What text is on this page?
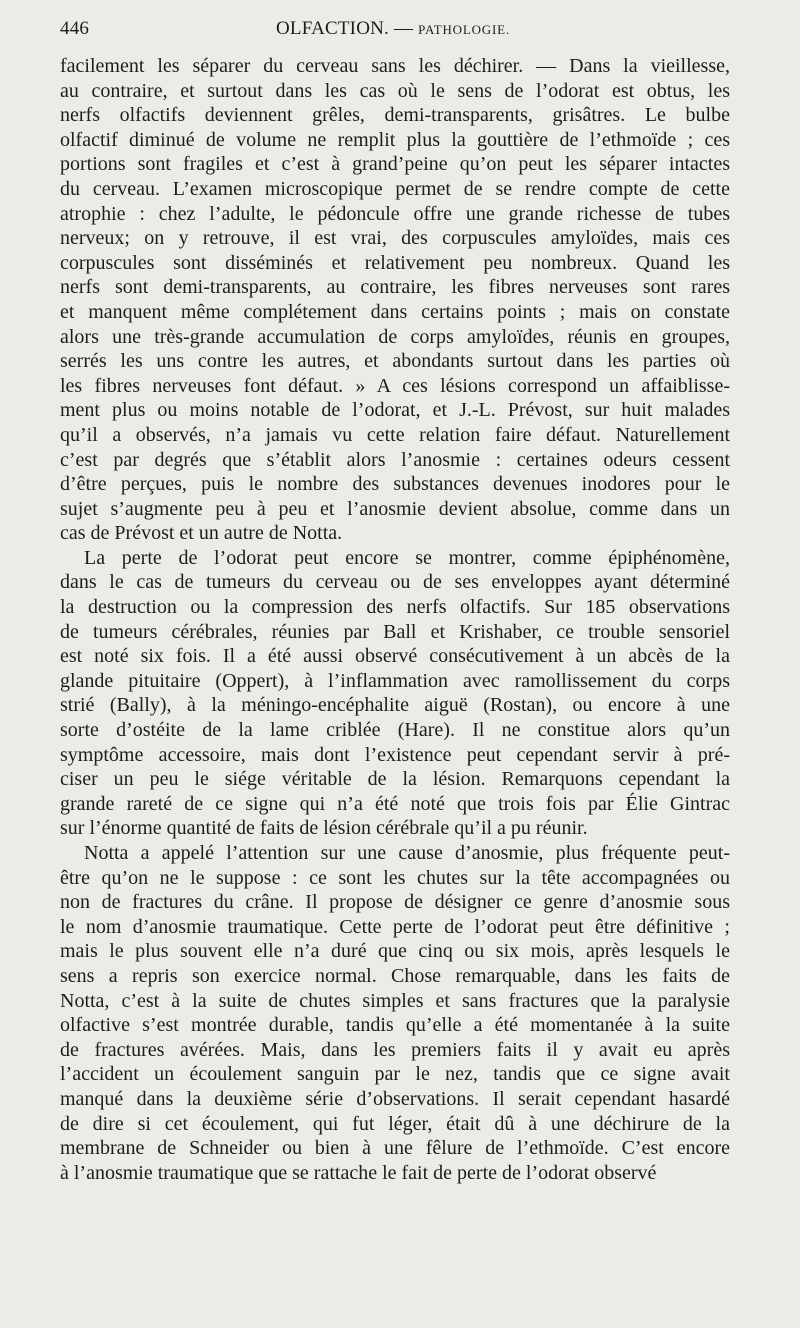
446	OLFACTION. — PATHOLOGIE.
facilement les séparer du cerveau sans les déchirer. — Dans la vieillesse,
au contraire, et surtout dans les cas où le sens de l’odorat est obtus, les
nerfs olfactifs deviennent grêles, demi-transparents, grisâtres. Le bulbe
olfactif diminué de volume ne remplit plus la gouttière de l’ethmoïde ; ces
portions sont fragiles et c’est à grand’peine qu’on peut les séparer intactes
du cerveau. L’examen microscopique permet de se rendre compte de cette
atrophie : chez l’adulte, le pédoncule offre une grande richesse de tubes
nerveux; on y retrouve, il est vrai, des corpuscules amyloïdes, mais ces
corpuscules sont disséminés et relativement peu nombreux. Quand les
nerfs sont demi-transparents, au contraire, les fibres nerveuses sont rares
et manquent même complétement dans certains points ; mais on constate
alors une très-grande accumulation de corps amyloïdes, réunis en groupes,
serrés les uns contre les autres, et abondants surtout dans les parties où
les fibres nerveuses font défaut. » A ces lésions correspond un affaiblisse-
ment plus ou moins notable de l’odorat, et J.-L. Prévost, sur huit malades
qu’il a observés, n’a jamais vu cette relation faire défaut. Naturellement
c’est par degrés que s’établit alors l’anosmie : certaines odeurs cessent
d’être perçues, puis le nombre des substances devenues inodores pour le
sujet s’augmente peu à peu et l’anosmie devient absolue, comme dans un
cas de Prévost et un autre de Notta.
La perte de l’odorat peut encore se montrer, comme épiphénomène,
dans le cas de tumeurs du cerveau ou de ses enveloppes ayant déterminé
la destruction ou la compression des nerfs olfactifs. Sur 185 observations
de tumeurs cérébrales, réunies par Ball et Krishaber, ce trouble sensoriel
est noté six fois. Il a été aussi observé consécutivement à un abcès de la
glande pituitaire (Oppert), à l’inflammation avec ramollissement du corps
strié (Bally), à la méningo-encéphalite aiguë (Rostan), ou encore à une
sorte d’ostéite de la lame criblée (Hare). Il ne constitue alors qu’un
symptôme accessoire, mais dont l’existence peut cependant servir à pré-
ciser un peu le siége véritable de la lésion. Remarquons cependant la
grande rareté de ce signe qui n’a été noté que trois fois par Élie Gintrac
sur l’énorme quantité de faits de lésion cérébrale qu’il a pu réunir.
Notta a appelé l’attention sur une cause d’anosmie, plus fréquente peut-
être qu’on ne le suppose : ce sont les chutes sur la tête accompagnées ou
non de fractures du crâne. Il propose de désigner ce genre d’anosmie sous
le nom d’anosmie traumatique. Cette perte de l’odorat peut être définitive ;
mais le plus souvent elle n’a duré que cinq ou six mois, après lesquels le
sens a repris son exercice normal. Chose remarquable, dans les faits de
Notta, c’est à la suite de chutes simples et sans fractures que la paralysie
olfactive s’est montrée durable, tandis qu’elle a été momentanée à la suite
de fractures avérées. Mais, dans les premiers faits il y avait eu après
l’accident un écoulement sanguin par le nez, tandis que ce signe avait
manqué dans la deuxième série d’observations. Il serait cependant hasardé
de dire si cet écoulement, qui fut léger, était dû à une déchirure de la
membrane de Schneider ou bien à une fêlure de l’ethmoïde. C’est encore
à l’anosmie traumatique que se rattache le fait de perte de l’odorat observé
